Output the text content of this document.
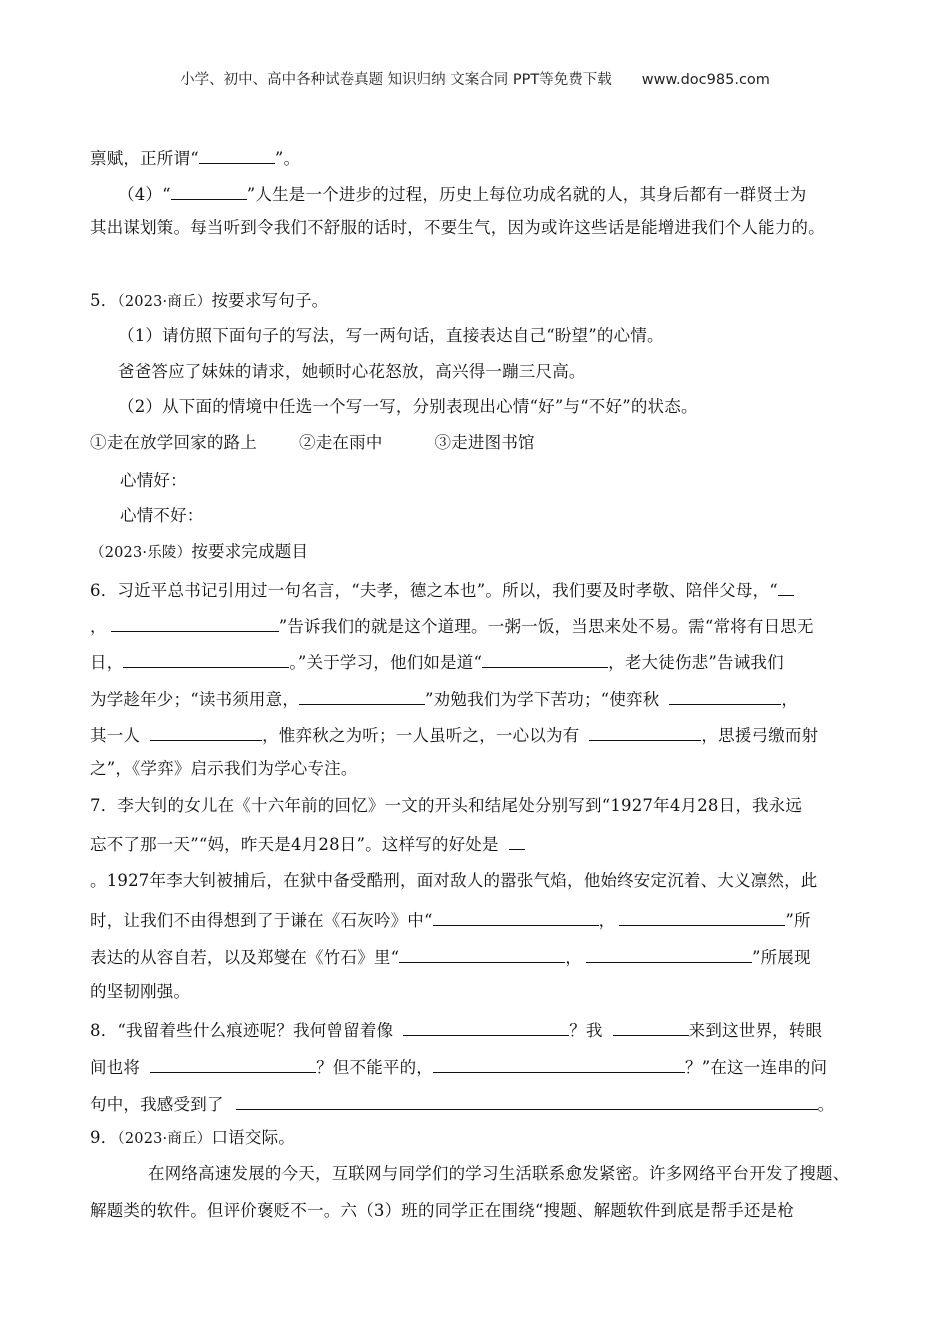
小学、初中、高中各种试卷真题 知识归纳 文案合同 PPT等免费下载 www.doc985.com
禀赋，正所谓“	”。
（4）“	”人生是一个进步的过程，历史上每位功成名就的人，其身后都有一群贤士为
其出谋划策。每当听到令我们不舒服的话时，不要生气，因为或许这些话是能增进我们个人能力的。
5．（2023·商丘）按要求写句子。
（1）请仿照下面句子的写法，写一两句话，直接表达自己“盼望”的心情。
爸爸答应了妹妹的请求，她顿时心花怒放，高兴得一蹦三尺高。
（2）从下面的情境中任选一个写一写，分别表现出心情“好”与“不好”的状态。
①走在放学回家的路上	②走在雨中	③走进图书馆
心情好：
心情不好：
（2023·乐陵）按要求完成题目
6．习近平总书记引用过一句名言，“夫孝，德之本也”。所以，我们要及时孝敬、陪伴父母，“
，	”告诉我们的就是这个道理。一粥一饭，当思来处不易。需“常将有日思无
日，	。”关于学习，他们如是道“	，老大徒伤悲”告诫我们
为学趁年少；“读书须用意，	”劝勉我们为学下苦功；“使弈秋	，
其一人	，惟弈秋之为听；一人虽听之，一心以为有	，思援弓缴而射
之”，《学弈》启示我们为学心专注。
7．李大钊的女儿在《十六年前的回忆》一文的开头和结尾处分别写到“1927年4月28日，我永远
忘不了那一天”“妈，昨天是4月28日”。这样写的好处是
。1927年李大钊被捕后，在狱中备受酷刑，面对敌人的嚣张气焰，他始终安定沉着、大义凛然，此
时，让我们不由得想到了于谦在《石灰吟》中“	，	”所
表达的从容自若，以及郑燮在《竹石》里“	，	”所展现
的坚韧刚强。
8．“我留着些什么痕迹呢？我何曾留着像	？我	来到这世界，转眼
间也将	？但不能平的，	？”在这一连串的问
句中，我感受到了	。
9．（2023·商丘）口语交际。
在网络高速发展的今天，互联网与同学们的学习生活联系愈发紧密。许多网络平台开发了搜题、
解题类的软件。但评价褒贬不一。六（3）班的同学正在围绕“搜题、解题软件到底是帮手还是枪
